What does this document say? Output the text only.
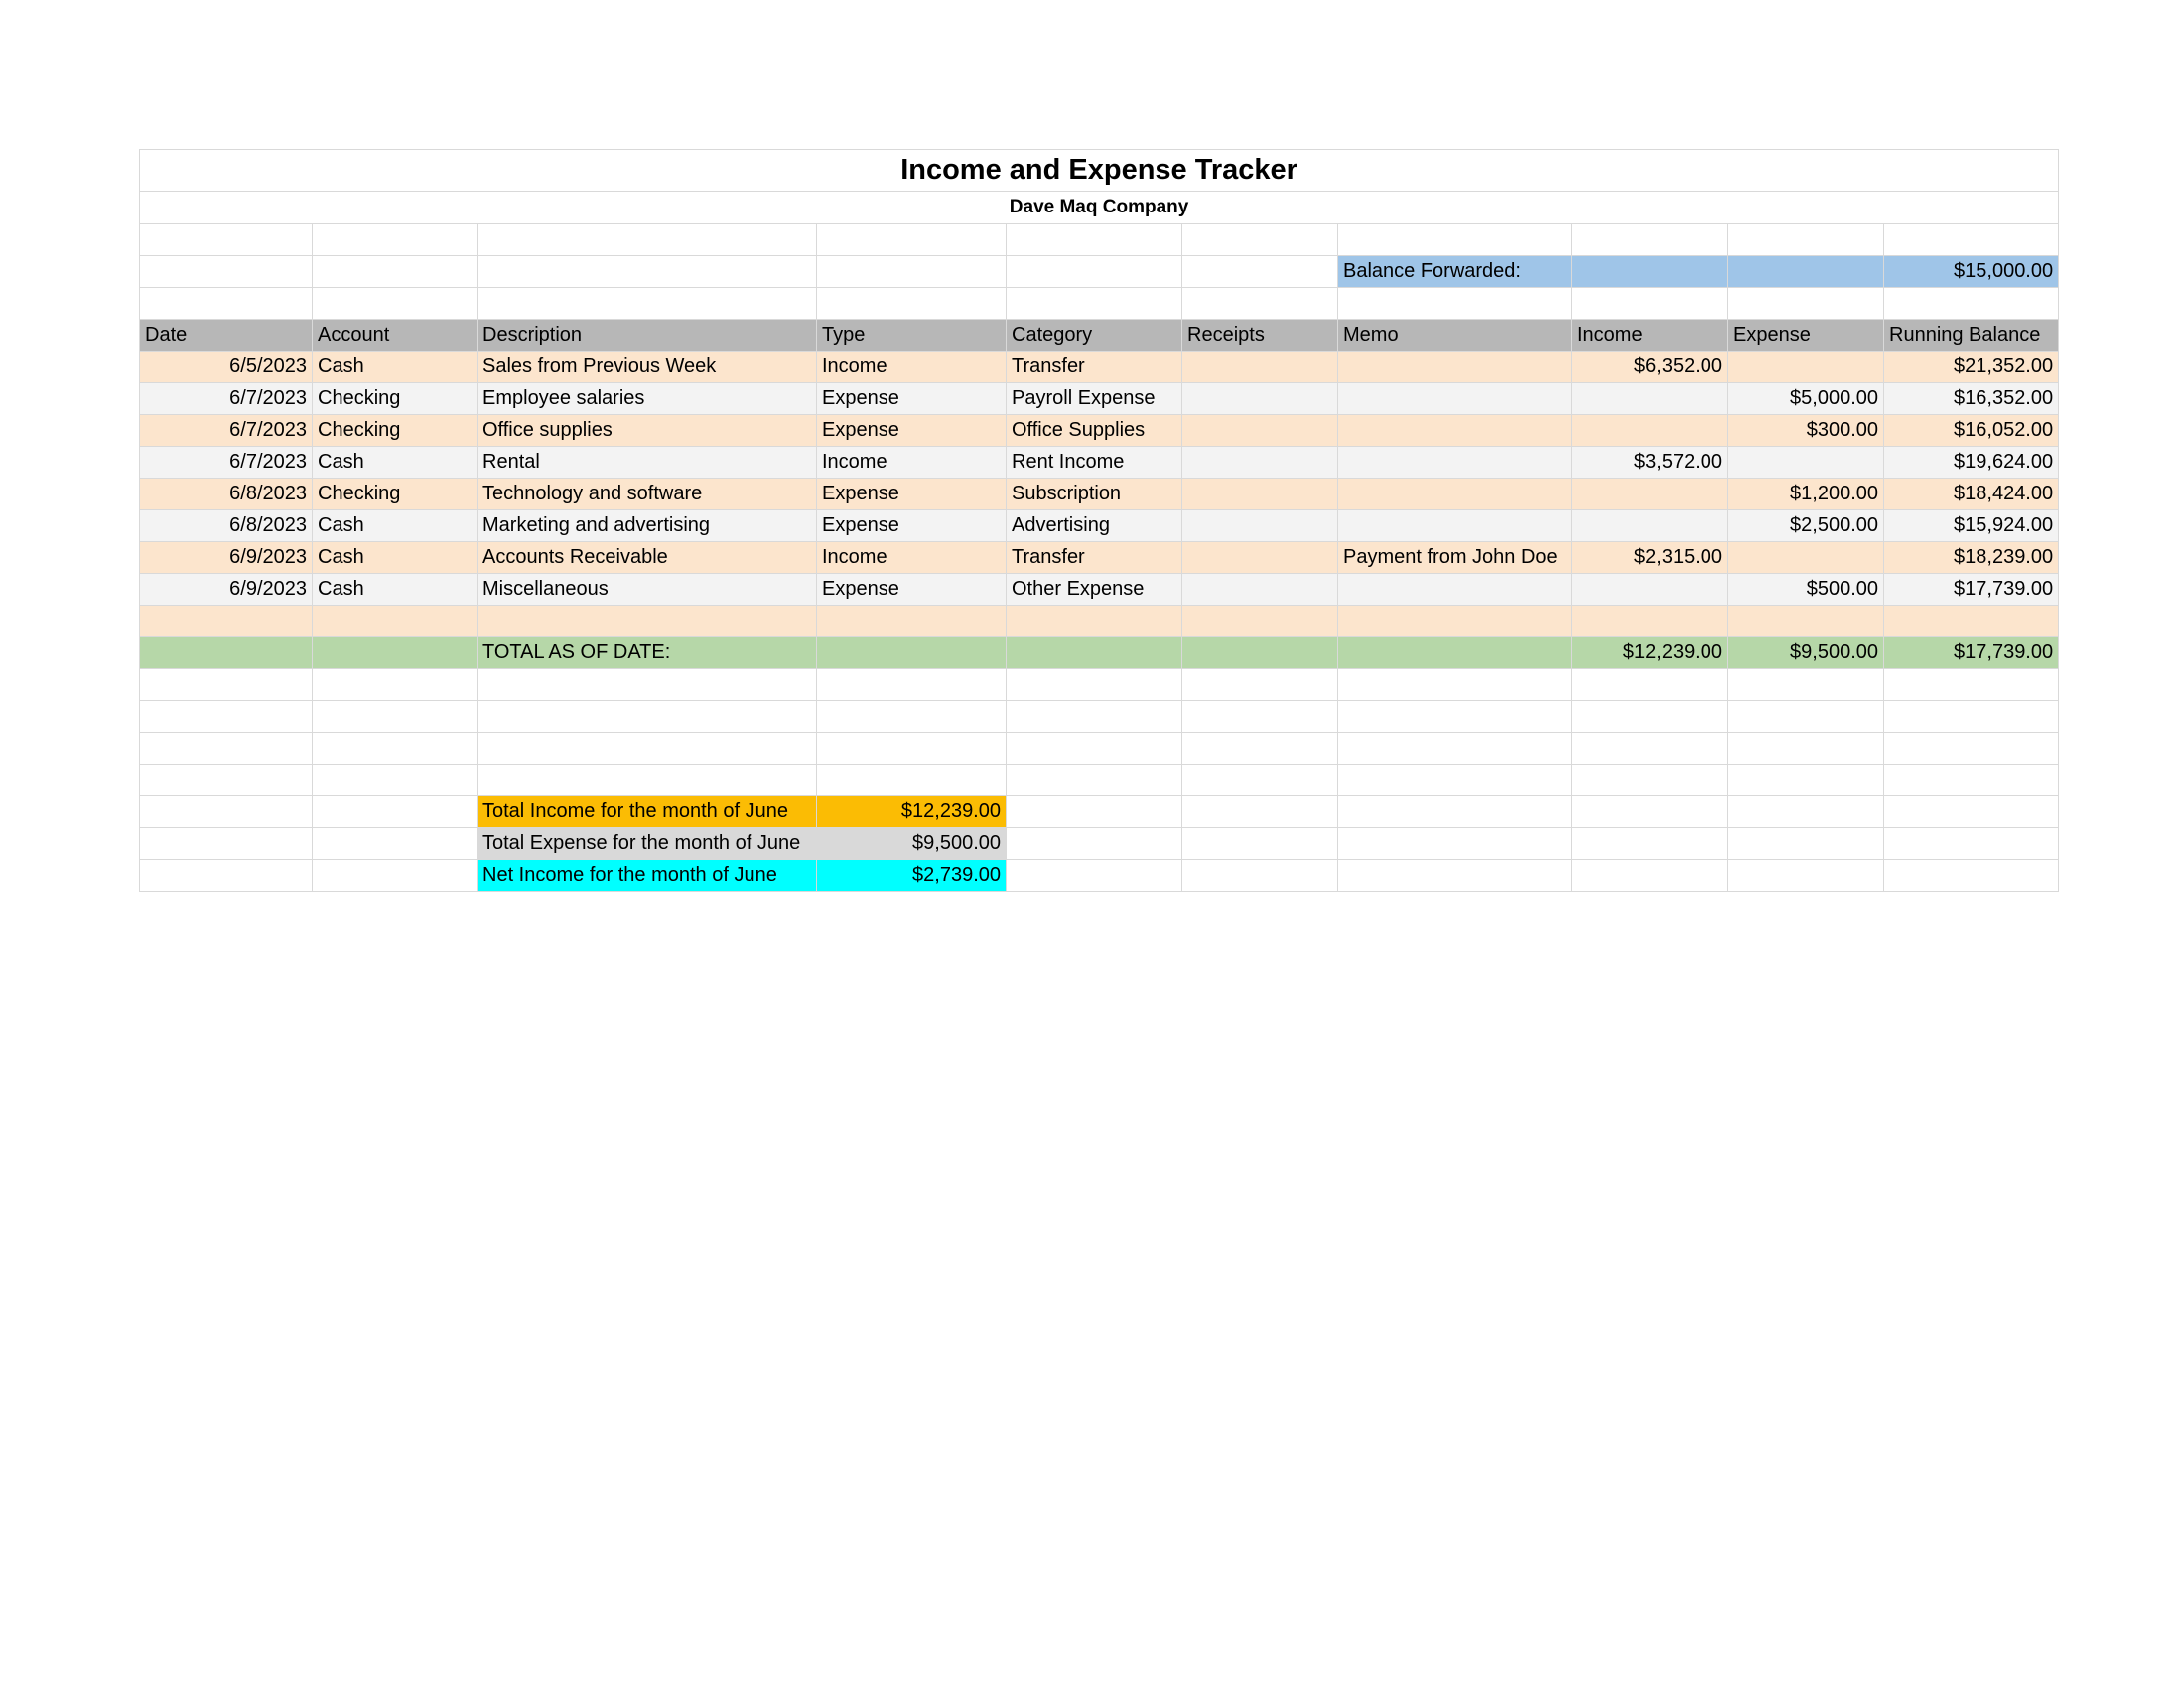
Income and Expense Tracker									
Dave Maq Company									

						Balance Forwarded:			$15,000.00

Date	Account	Description	Type	Category	Receipts	Memo	Income	Expense	Running Balance
6/5/2023	Cash	Sales from Previous Week	Income	Transfer			$6,352.00		$21,352.00
6/7/2023	Checking	Employee salaries	Expense	Payroll Expense				$5,000.00	$16,352.00
6/7/2023	Checking	Office supplies	Expense	Office Supplies				$300.00	$16,052.00
6/7/2023	Cash	Rental	Income	Rent Income			$3,572.00		$19,624.00
6/8/2023	Checking	Technology and software	Expense	Subscription				$1,200.00	$18,424.00
6/8/2023	Cash	Marketing and advertising	Expense	Advertising				$2,500.00	$15,924.00
6/9/2023	Cash	Accounts Receivable	Income	Transfer		Payment from John Doe	$2,315.00		$18,239.00
6/9/2023	Cash	Miscellaneous	Expense	Other Expense				$500.00	$17,739.00

		TOTAL AS OF DATE:					$12,239.00	$9,500.00	$17,739.00

		Total Income for the month of June	$12,239.00						
		Total Expense for the month of June	$9,500.00						
		Net Income for the month of June	$2,739.00						
